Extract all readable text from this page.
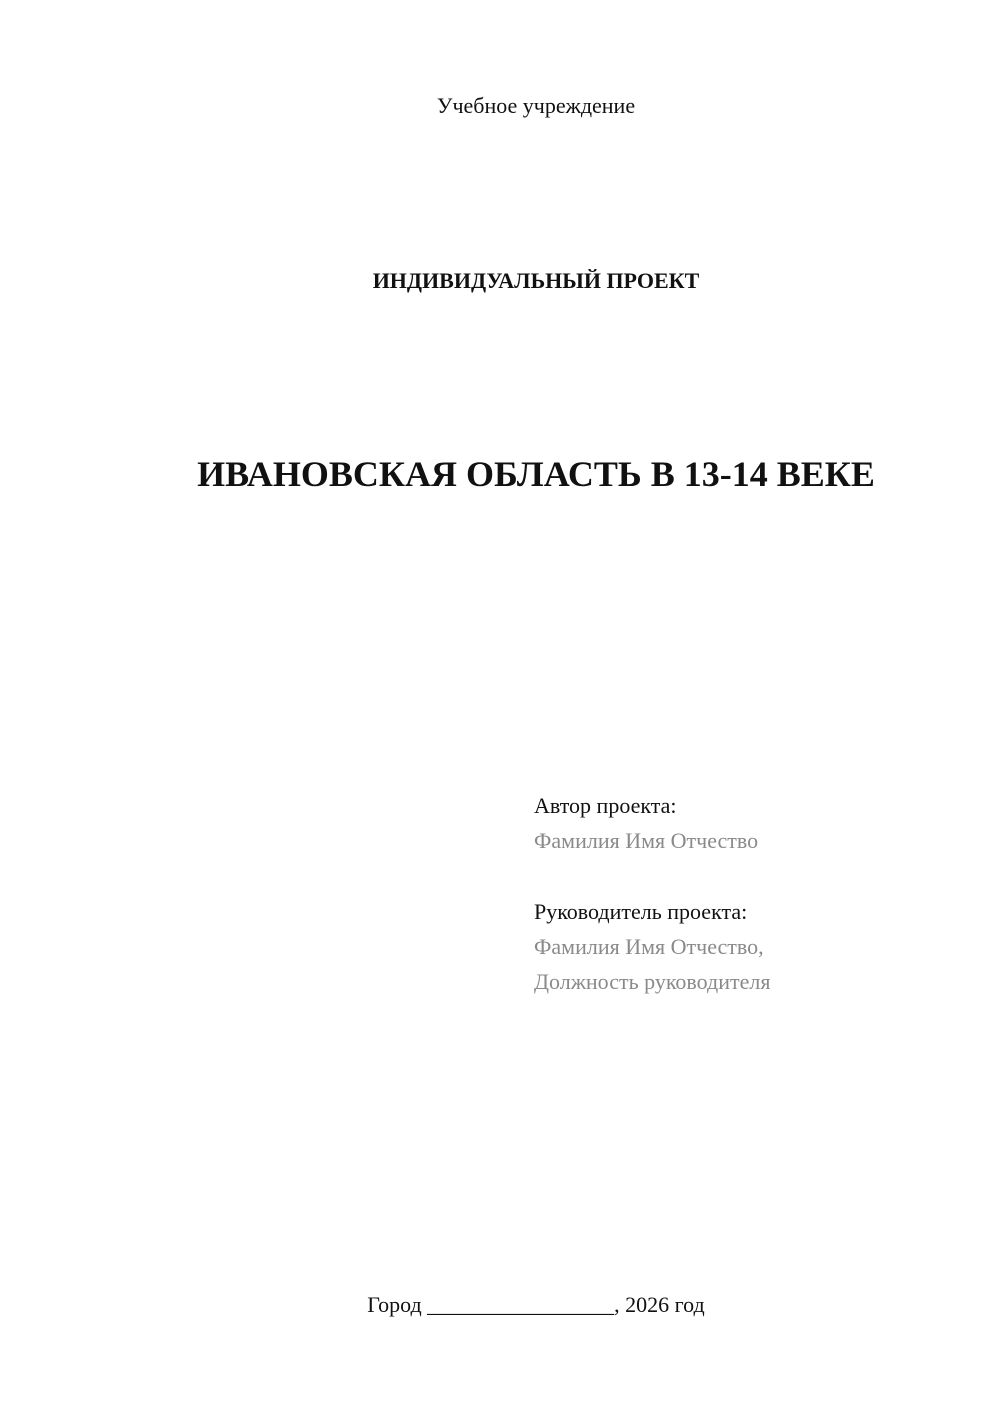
Учебное учреждение
ИНДИВИДУАЛЬНЫЙ ПРОЕКТ
ИВАНОВСКАЯ ОБЛАСТЬ В 13-14 ВЕКЕ
Автор проекта:
Фамилия Имя Отчество
Руководитель проекта:
Фамилия Имя Отчество,
Должность руководителя
Город _________________, 2026 год
